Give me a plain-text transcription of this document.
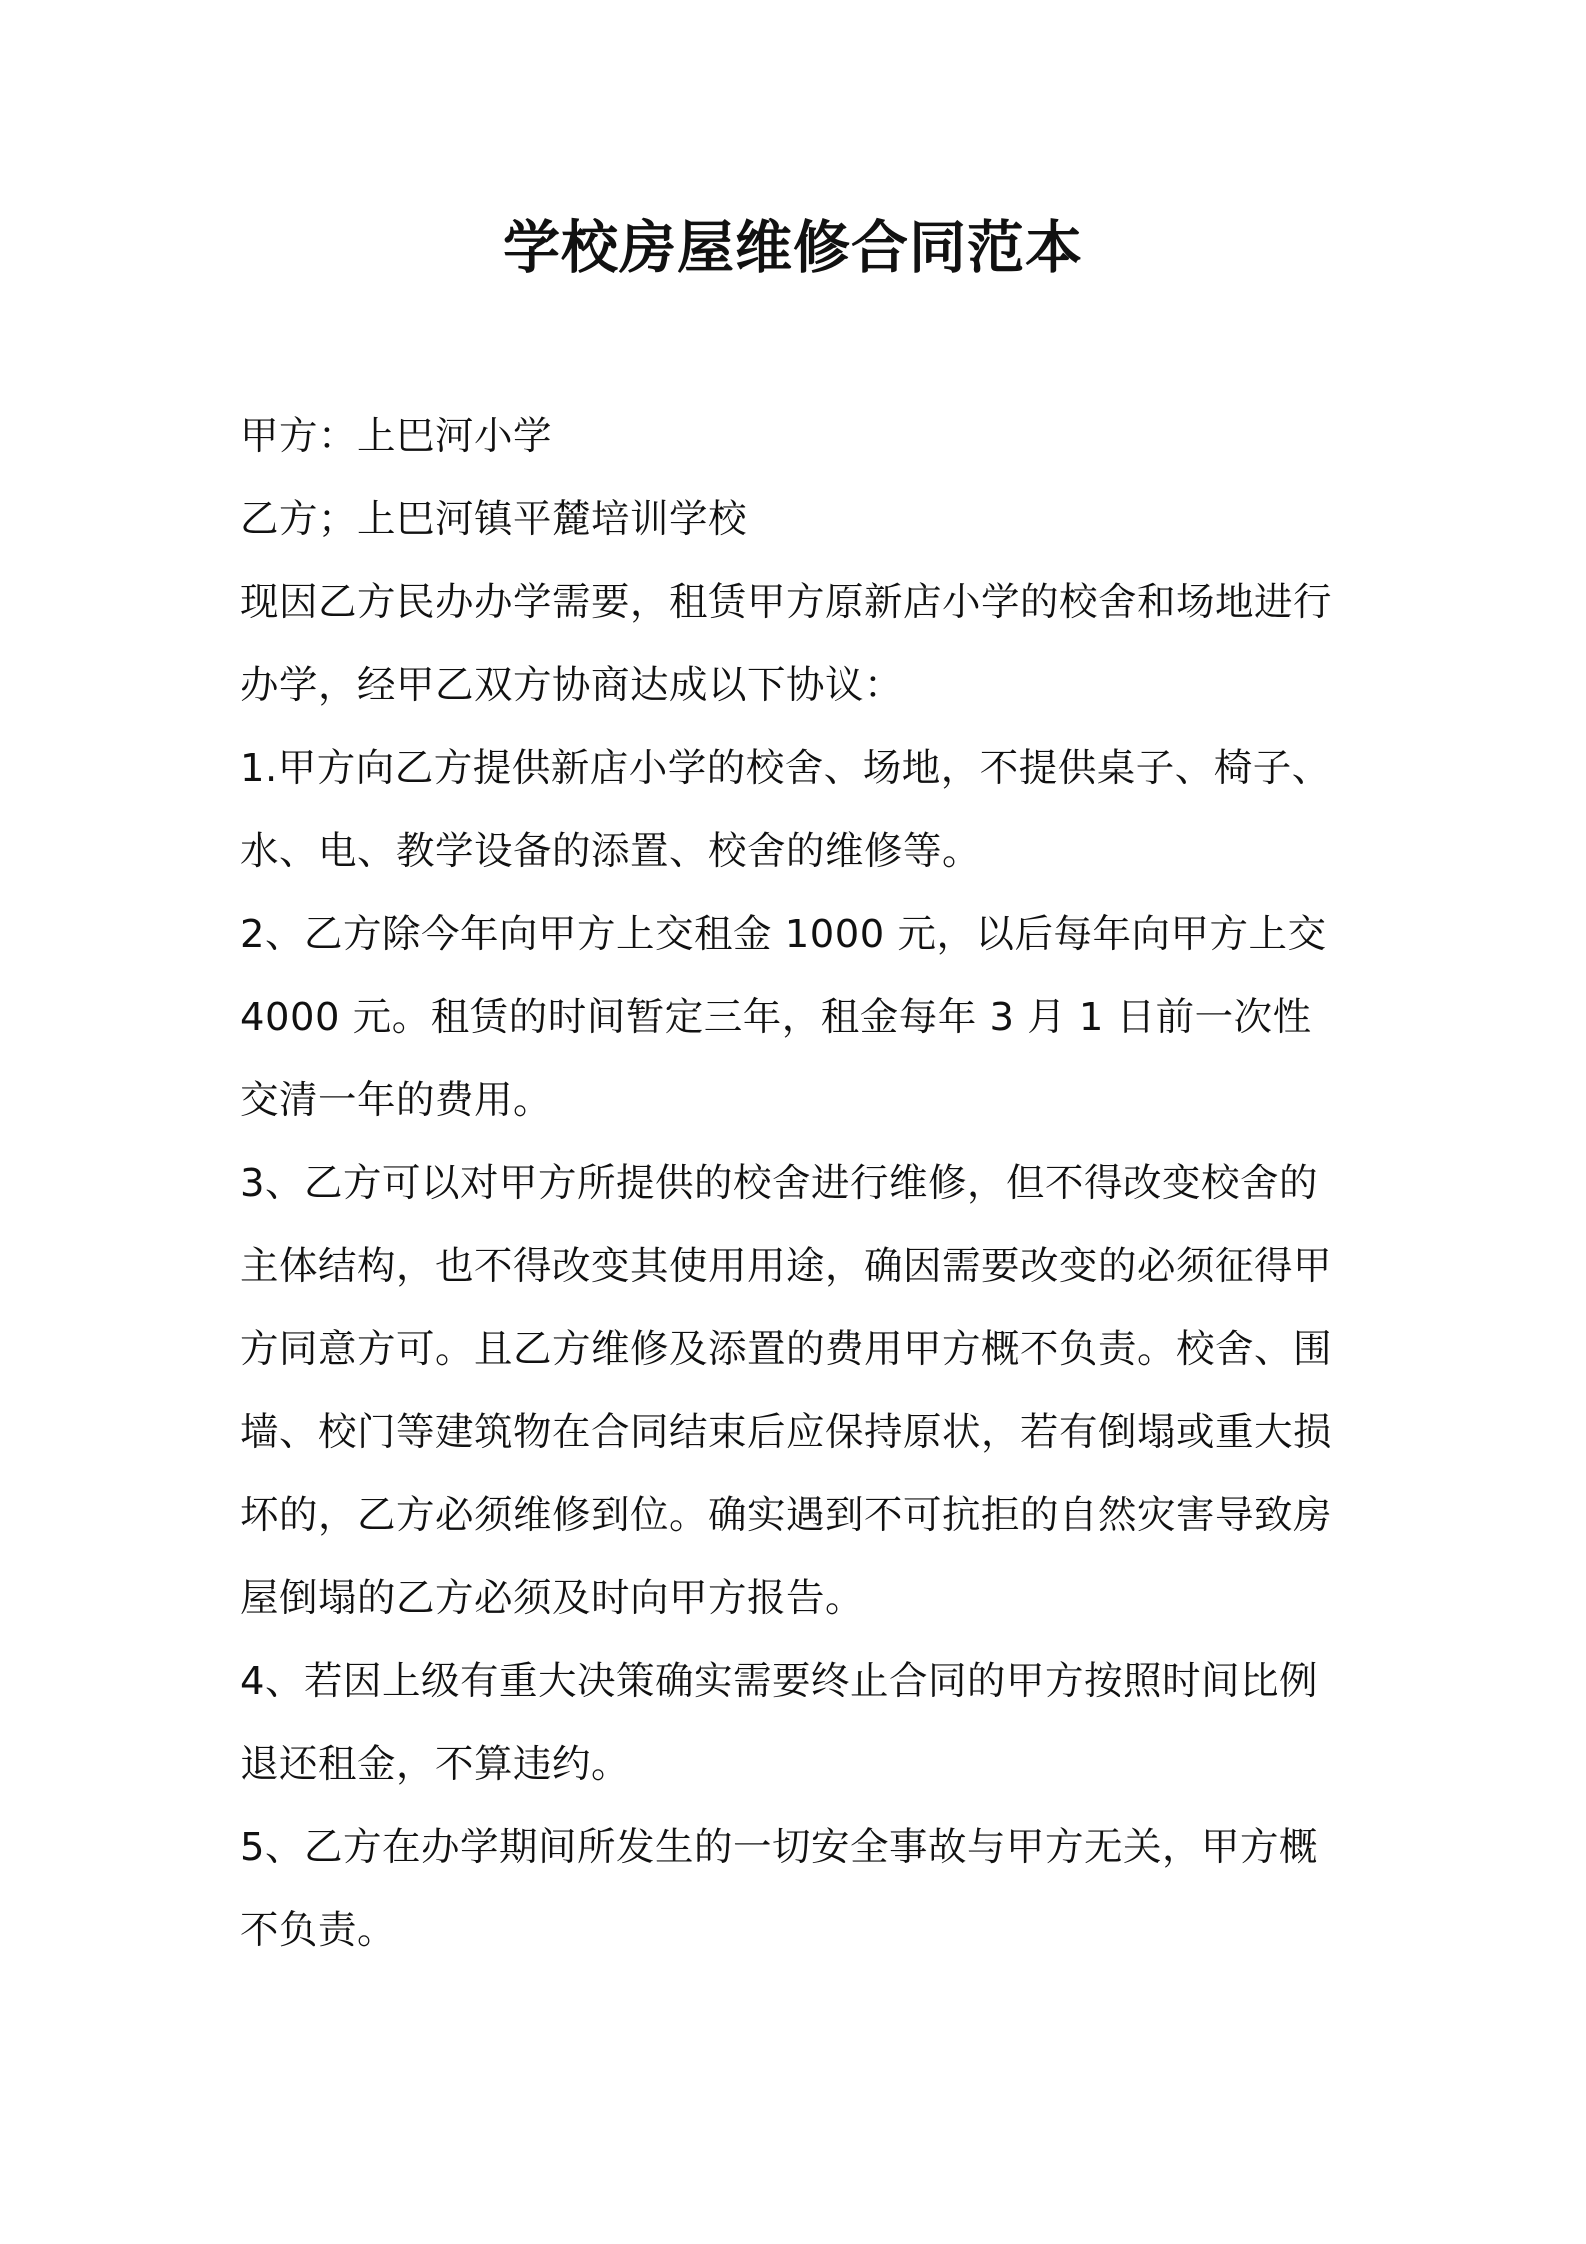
学校房屋维修合同范本

甲方：上巴河小学

乙方；上巴河镇平麓培训学校

现因乙方民办办学需要，租赁甲方原新店小学的校舍和场地进行办学，经甲乙双方协商达成以下协议：

1.甲方向乙方提供新店小学的校舍、场地，不提供桌子、椅子、水、电、教学设备的添置、校舍的维修等。

2、乙方除今年向甲方上交租金 1000 元，以后每年向甲方上交 4000 元。租赁的时间暂定三年，租金每年 3 月 1 日前一次性交清一年的费用。

3、乙方可以对甲方所提供的校舍进行维修，但不得改变校舍的主体结构，也不得改变其使用用途，确因需要改变的必须征得甲方同意方可。且乙方维修及添置的费用甲方概不负责。校舍、围墙、校门等建筑物在合同结束后应保持原状，若有倒塌或重大损坏的，乙方必须维修到位。确实遇到不可抗拒的自然灾害导致房屋倒塌的乙方必须及时向甲方报告。

4、若因上级有重大决策确实需要终止合同的甲方按照时间比例退还租金，不算违约。

5、乙方在办学期间所发生的一切安全事故与甲方无关，甲方概不负责。
